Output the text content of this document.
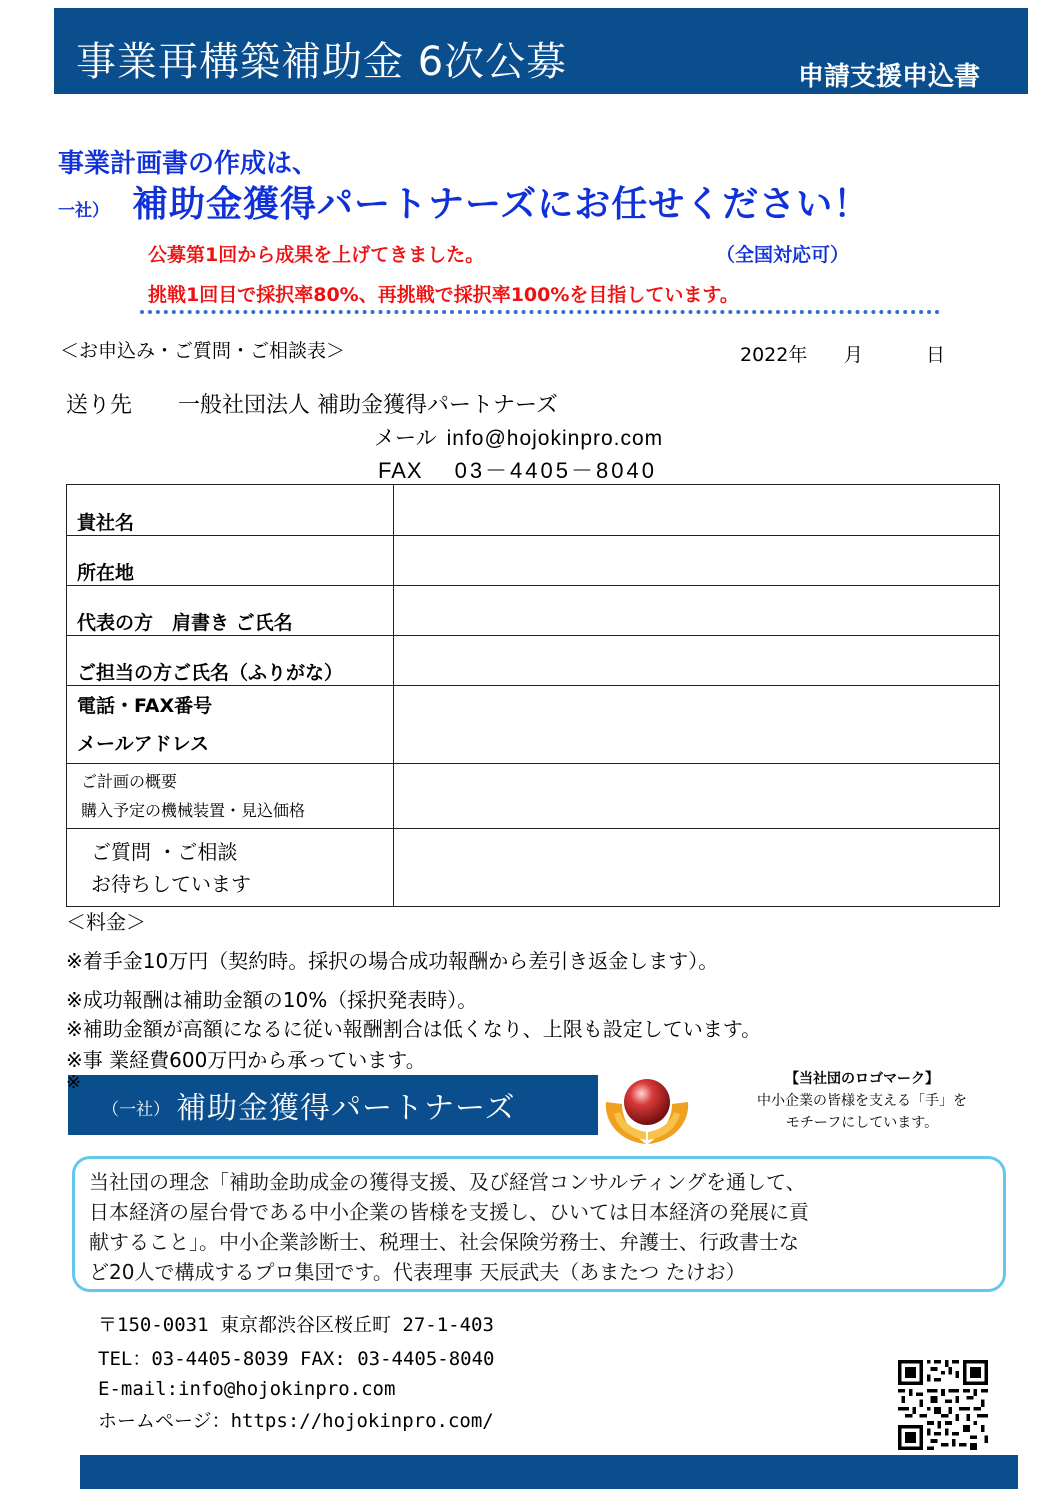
事業再構築補助金 6次公募	申請支援申込書
事業計画書の作成は、
一社） 補助金獲得パートナーズにお任せください！
公募第1回から成果を上げてきました。	（全国対応可）
挑戦1回目で採択率80%、再挑戦で採択率100%を目指しています。
＜お申込み・ご質問・ご相談表＞	2022年 月	日
送り先 一般社団法人 補助金獲得パートナーズ
メール info@hojokinpro.com
FAX 03－4405－8040
貴社名	
所在地	
代表の方　肩書き ご氏名	
ご担当の方ご氏名（ふりがな）	

電話・FAX番号
メールアドレス	

ご計画の概要
購入予定の機械装置・見込価格	

ご質問 ・ご相談
お待ちしています	

＜料金＞
※着手金10万円（契約時。採択の場合成功報酬から差引き返金します）。
※成功報酬は補助金額の10%（採択発表時）。
※補助金額が高額になるに従い報酬割合は低くなり、上限も設定しています。
※事 業経費600万円から承っています。
（一社） 補助金獲得パートナーズ
※	【当社団のロゴマーク】
中小企業の皆様を支える「手」を
モチーフにしています。
当社団の理念「補助金助成金の獲得支援、及び経営コンサルティングを通して、
日本経済の屋台骨である中小企業の皆様を支援し、ひいては日本経済の発展に貢
献すること」。中小企業診断士、税理士、社会保険労務士、弁護士、行政書士な
ど20人で構成するプロ集団です。代表理事 天辰武夫（あまたつ たけお）
〒150-0031 東京都渋谷区桜丘町 27-1-403
TEL：03-4405-8039 FAX: 03-4405-8040
E-mail:info@hojokinpro.com
ホームページ：https://hojokinpro.com/
